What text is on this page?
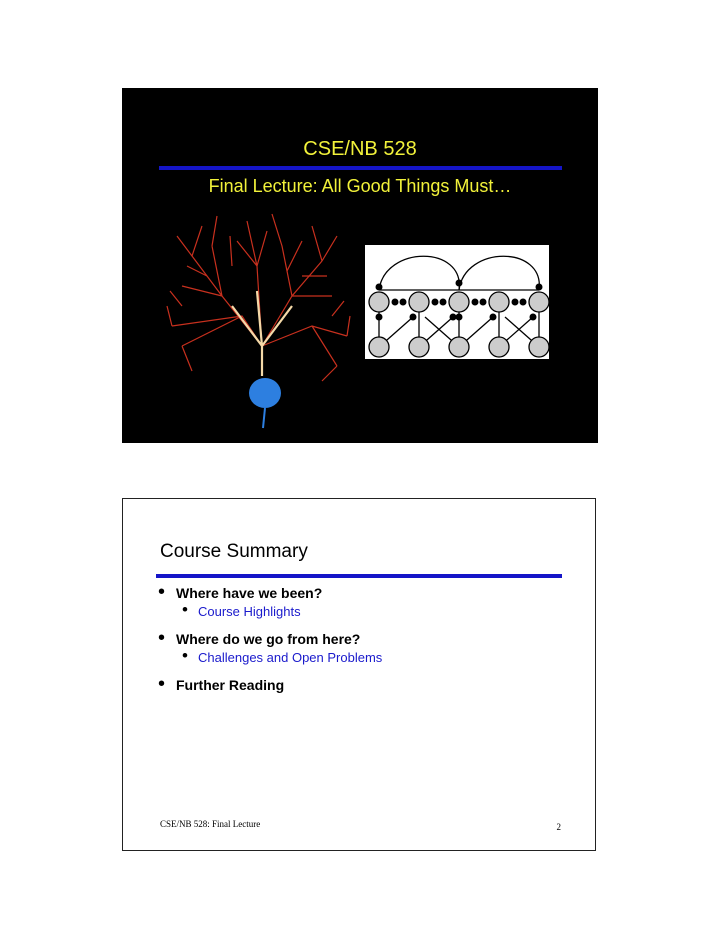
CSE/NB 528
Final Lecture: All Good Things Must…
Course Summary
• Where have we been?
• Course Highlights
• Where do we go from here?
• Challenges and Open Problems
• Further Reading
CSE/NB 528: Final Lecture	2
